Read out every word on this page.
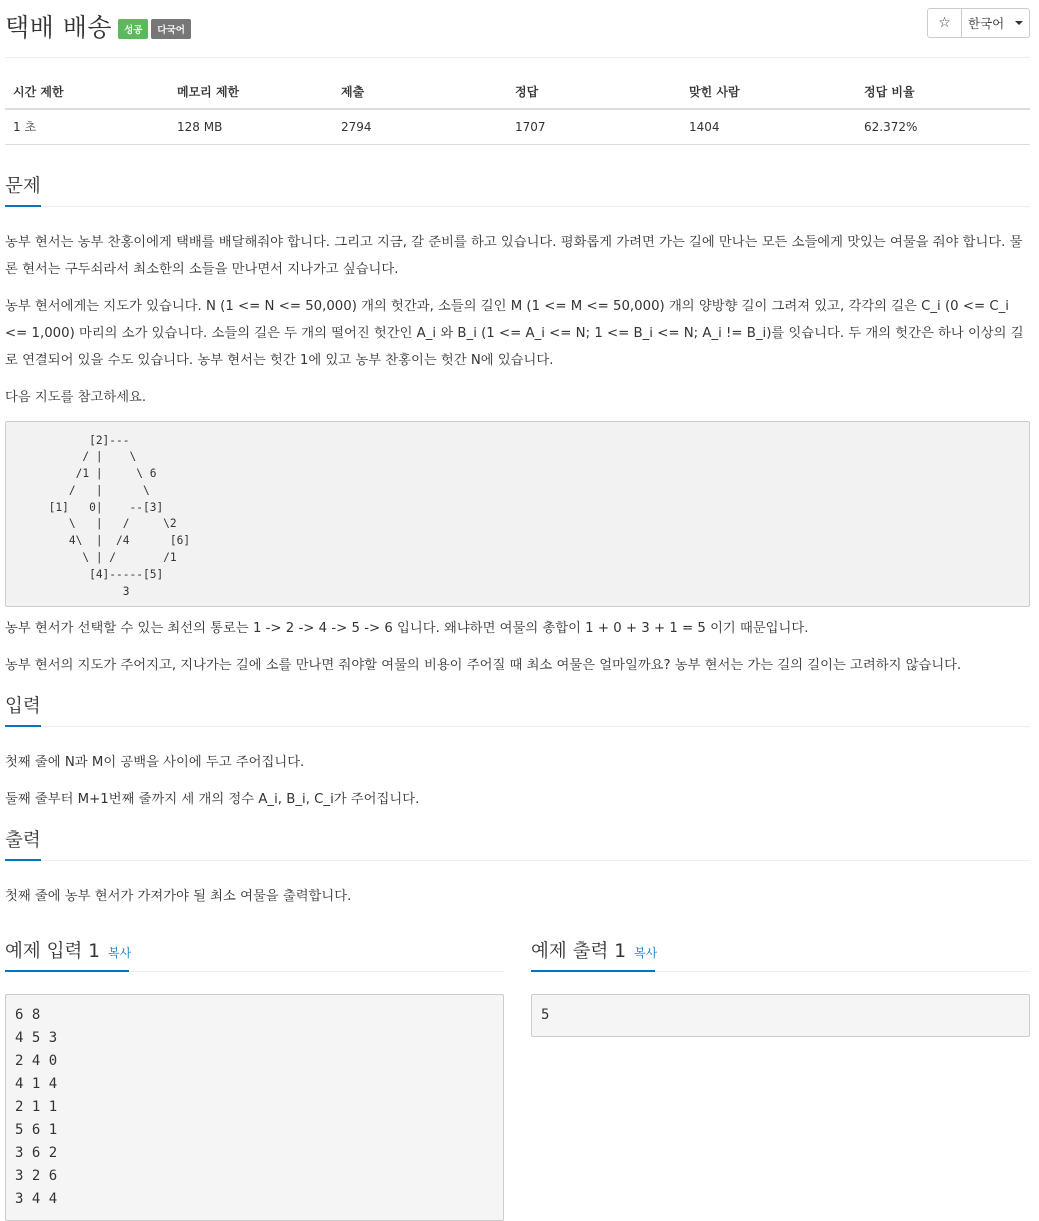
택배 배송	성공	다국어	☆ 한국어
시간 제한	메모리 제한	제출	정답	맞힌 사람	정답 비율
1 초	128 MB	2794	1707	1404	62.372%
문제

농부 현서는 농부 찬홍이에게 택배를 배달해줘야 합니다. 그리고 지금, 갈 준비를 하고 있습니다. 평화롭게 가려면 가는 길에 만나는 모든 소들에게 맛있는 여물을 줘야 합니다. 물론 현서는 구두쇠라서 최소한의 소들을 만나면서 지나가고 싶습니다.

농부 현서에게는 지도가 있습니다. N (1 <= N <= 50,000) 개의 헛간과, 소들의 길인 M (1 <= M <= 50,000) 개의 양방향 길이 그려져 있고, 각각의 길은 C_i (0 <= C_i <= 1,000) 마리의 소가 있습니다. 소들의 길은 두 개의 떨어진 헛간인 A_i 와 B_i (1 <= A_i <= N; 1 <= B_i <= N; A_i != B_i)를 잇습니다. 두 개의 헛간은 하나 이상의 길로 연결되어 있을 수도 있습니다. 농부 현서는 헛간 1에 있고 농부 찬홍이는 헛간 N에 있습니다.

다음 지도를 참고하세요.

[2]---
/ |    \
/1 |     \ 6
/   |      \
[1]   0|    --[3]
\   |   /     \2
4\  |  /4      [6]
\ | /       /1
[4]-----[5]
3

농부 현서가 선택할 수 있는 최선의 통로는 1 -> 2 -> 4 -> 5 -> 6 입니다. 왜냐하면 여물의 총합이 1 + 0 + 3 + 1 = 5 이기 때문입니다.

농부 현서의 지도가 주어지고, 지나가는 길에 소를 만나면 줘야할 여물의 비용이 주어질 때 최소 여물은 얼마일까요? 농부 현서는 가는 길의 길이는 고려하지 않습니다.

입력

첫째 줄에 N과 M이 공백을 사이에 두고 주어집니다.

둘째 줄부터 M+1번째 줄까지 세 개의 정수 A_i, B_i, C_i가 주어집니다.

출력

첫째 줄에 농부 현서가 가져가야 될 최소 여물을 출력합니다.

예제 입력 1 복사
6 8
4 5 3
2 4 0
4 1 4
2 1 1
5 6 1
3 6 2
3 2 6
3 4 4
예제 출력 1 복사
5
